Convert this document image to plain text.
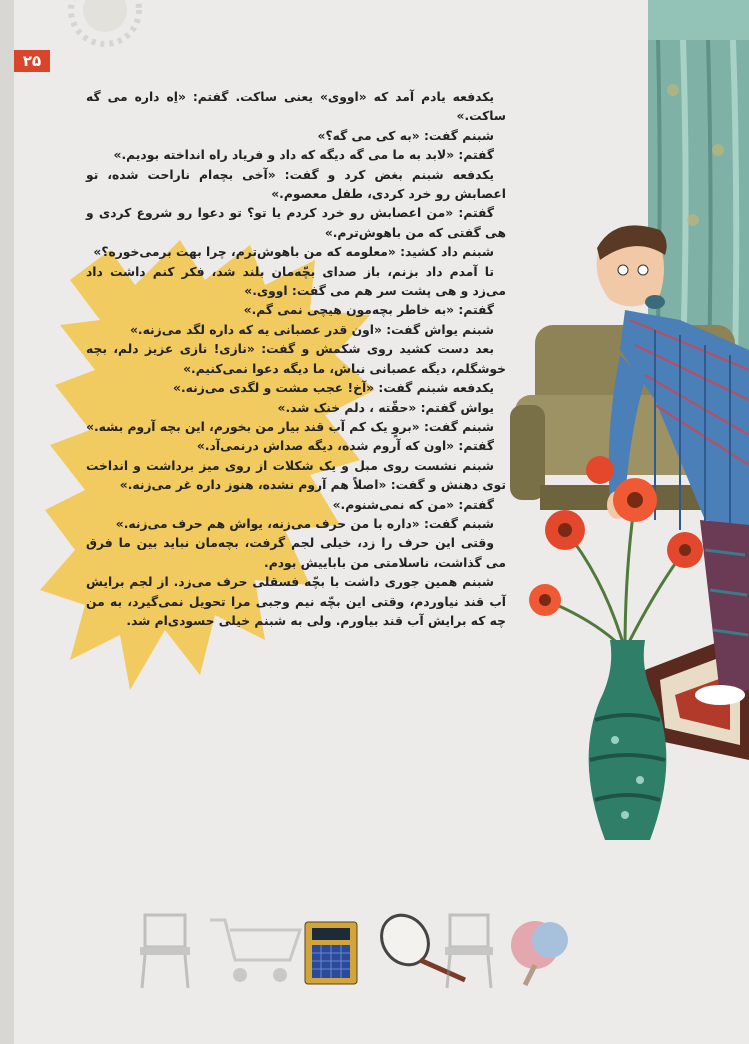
۲۵

یکدفعه یادم آمد که «اووی» یعنی ساکت. گفتم: «اِه داره می گه ساکت.»

شبنم گفت: «به کی می گه؟»

گفتم: «لابد به ما می گه دیگه که داد و فریاد راه انداخته بودیم.»

یکدفعه شبنم بغض کرد و گفت: «آخی بچه‌ام ناراحت شده، تو اعصابش رو خرد کردی، طفل معصوم.»

گفتم: «من اعصابش رو خرد کردم یا تو؟ تو دعوا رو شروع کردی و هی گفتی که من باهوش‌ترم.»

شبنم داد کشید: «معلومه که من باهوش‌ترم، چرا بهت برمی‌خوره؟»

تا آمدم داد بزنم، باز صدای بچّه‌مان بلند شد، فکر کنم داشت داد می‌زد و هی پشت سر هم می گفت: اووی.»

گفتم: «به خاطر بچه‌مون هیچی نمی گم.»

شبنم یواش گفت: «اون قدر عصبانی یه که داره لگد می‌زنه.»

بعد دست کشید روی شکمش و گفت: «نازی! نازی عزیز دلم، بچه خوشگلم، دیگه عصبانی نباش، ما دیگه دعوا نمی‌کنیم.»

یکدفعه شبنم گفت: «آخ! عجب مشت و لگدی می‌زنه.»

یواش گفتم: «حقّته ، دلم خنک شد.»

شبنم گفت: «بروٍ یک کم آب قند بیار من بخورم، این بچه آروم بشه.»

گفتم: «اون که آروم شده، دیگه صداش درنمی‌آد.»

شبنم نشست روی مبل و یک شکلات از روی میز برداشت و انداخت توی دهنش و گفت: «اصلاً هم آروم نشده، هنوز داره غر می‌زنه.»

گفتم: «من که نمی‌شنوم.»

شبنم گفت: «داره با من حرف می‌زنه، یواش هم حرف می‌زنه.»

وقتی این حرف را زد، خیلی لجم گرفت، بچه‌مان نباید بین ما فرق می گذاشت، ناسلامتی من باباییش بودم.

شبنم همین جوری داشت با بچّه فسقلی حرف می‌زد. از لجم برایش آب قند نیاوردم، وقتی این بچّه نیم وجبی مرا تحویل نمی‌گیرد، به من چه که برایش آب قند بیاورم. ولی به شبنم خیلی حسودی‌ام شد.
